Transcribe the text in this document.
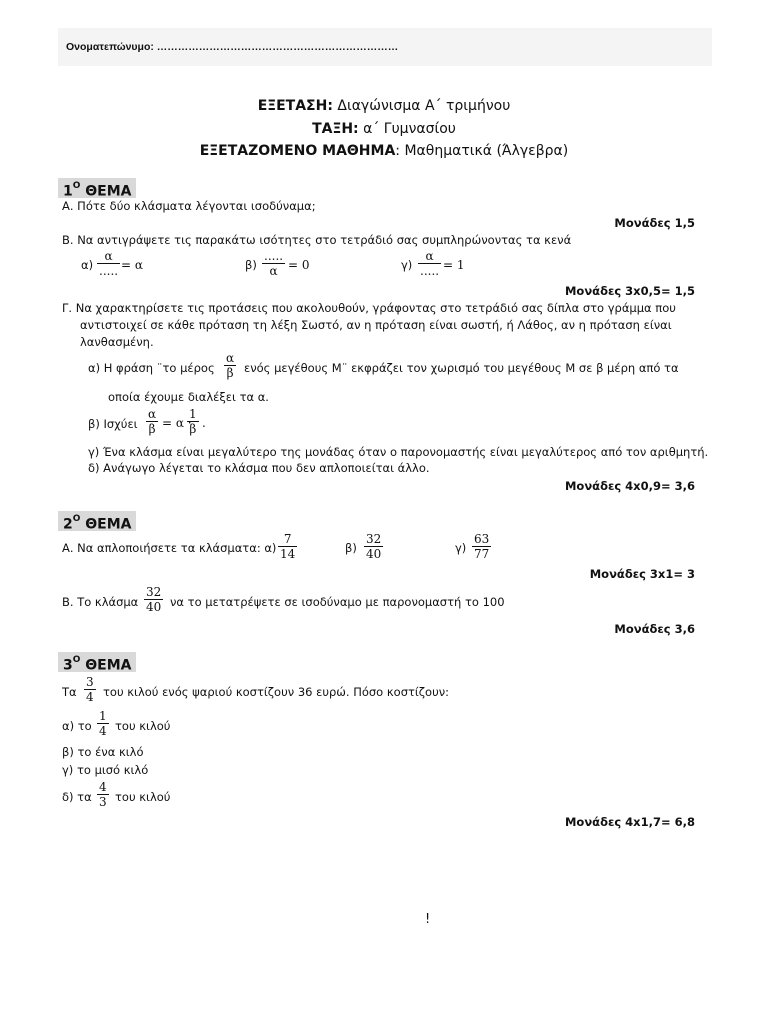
Ονοματεπώνυμο: ……………………………………………………………
ΕΞΕΤΑΣΗ: Διαγώνισμα Α΄ τριμήνου
ΤΑΞΗ: α΄ Γυμνασίου
ΕΞΕΤΑΖΟΜΕΝΟ ΜΑΘΗΜΑ: Μαθηματικά (Άλγεβρα)
$1^O$ ΘΕΜΑ
Α. Πότε δύο κλάσματα λέγονται ισοδύναμα;
Μονάδες 1,5
Β. Να αντιγράψετε τις παρακάτω ισότητες στο τετράδιό σας συμπληρώνοντας τα κενά
α)
α
..... = α	β)
.....
α = 0	γ)
α
..... = 1
Μονάδες 3x0,5= 1,5
Γ. Να χαρακτηρίσετε τις προτάσεις που ακολουθούν, γράφοντας στο τετράδιό σας δίπλα στο γράμμα που
αντιστοιχεί σε κάθε πρόταση τη λέξη Σωστό, αν η πρόταση είναι σωστή, ή Λάθος, αν η πρόταση είναι
λανθασμένη.
α) Η φράση ¨το μέρος
α
β ενός μεγέθους Μ¨ εκφράζει τον χωρισμό του μεγέθους Μ σε β μέρη από τα
οποία έχουμε διαλέξει τα α.
β) Ισχύει
α
β = α ·
1
β .
γ) Ένα κλάσμα είναι μεγαλύτερο της μονάδας όταν ο παρονομαστής είναι μεγαλύτερος από τον αριθμητή.
δ) Ανάγωγο λέγεται το κλάσμα που δεν απλοποιείται άλλο.
Μονάδες 4x0,9= 3,6
$2^O$ ΘΕΜΑ
Α. Να απλοποιήσετε τα κλάσματα: α)
7
14	β)
32
40	γ)
63
77
Μονάδες 3x1= 3
Β. Το κλάσμα
32
40 να το μετατρέψετε σε ισοδύναμο με παρονομαστή το 100
Μονάδες 3,6
$3^O$ ΘΕΜΑ
Τα
3
4 του κιλού ενός ψαριού κοστίζουν 36 ευρώ. Πόσο κοστίζουν:
α) το
1
4 του κιλού
β) το ένα κιλό
γ) το μισό κιλό
δ) τα
4
3 του κιλού
Μονάδες 4x1,7= 6,8
!
